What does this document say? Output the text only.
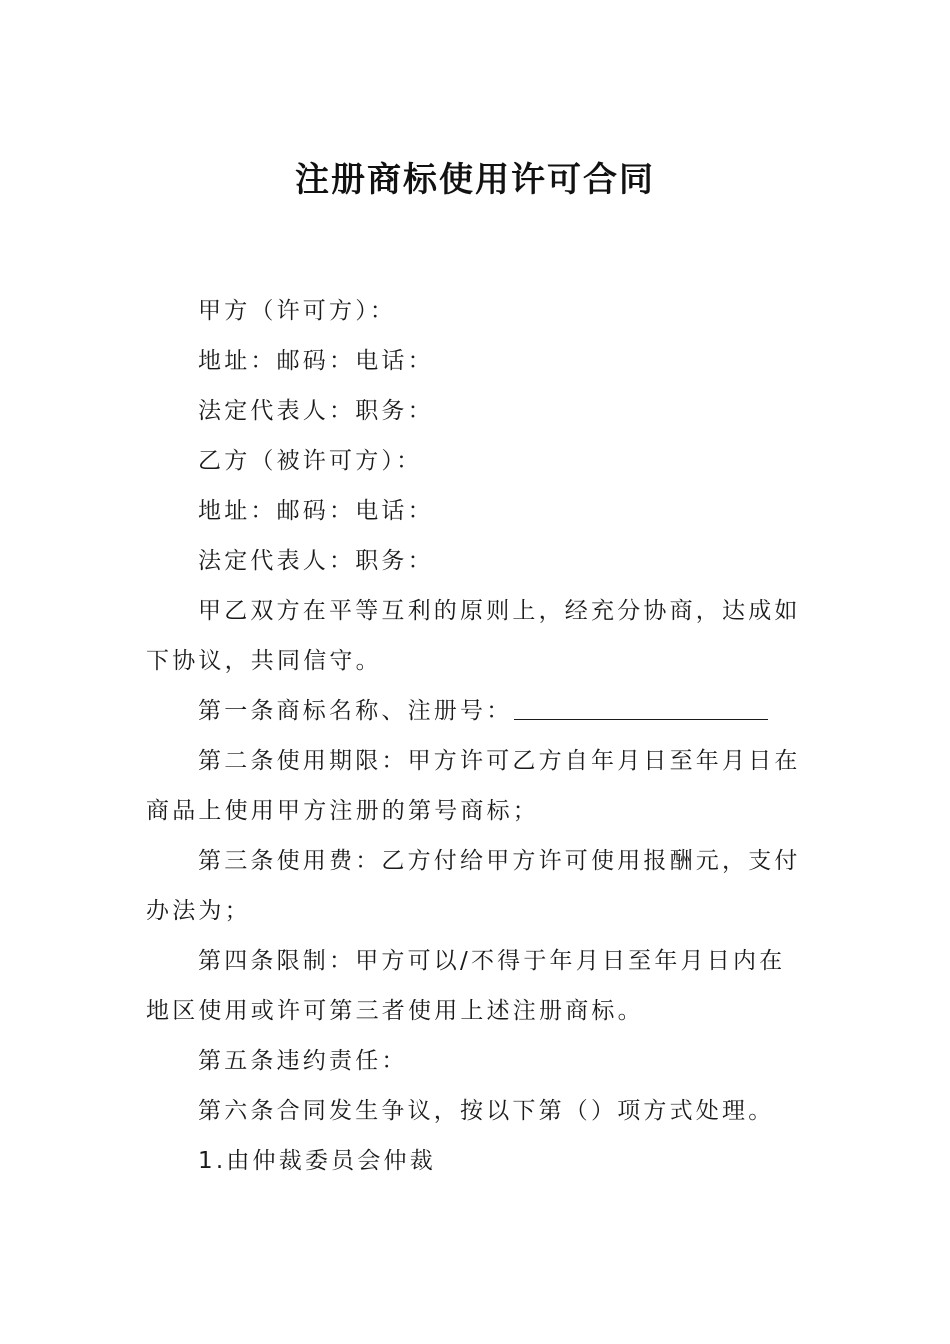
注册商标使用许可合同

甲方（许可方）：

地址：邮码：电话：

法定代表人：职务：

乙方（被许可方）：

地址：邮码：电话：

法定代表人：职务：

甲乙双方在平等互利的原则上，经充分协商，达成如下协议，共同信守。

第一条商标名称、注册号：

第二条使用期限：甲方许可乙方自年月日至年月日在商品上使用甲方注册的第号商标；

第三条使用费：乙方付给甲方许可使用报酬元，支付办法为；

第四条限制：甲方可以/不得于年月日至年月日内在地区使用或许可第三者使用上述注册商标。

第五条违约责任：

第六条合同发生争议，按以下第（）项方式处理。

1.由仲裁委员会仲裁
